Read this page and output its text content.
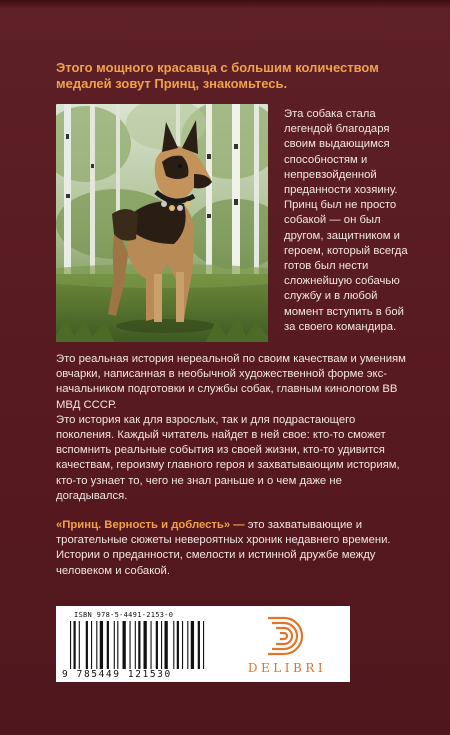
Этого мощного красавца с большим количеством медалей зовут Принц, знакомьтесь.
Эта собака стала легендой благодаря своим выдающимся способностям и непревзойденной преданности хозяину. Принц был не просто собакой — он был другом, защитником и героем, который всегда готов был нести сложнейшую собачью службу и в любой момент вступить в бой за своего командира.

Это реальная история нереальной по своим качествам и умениям овчарки, написанная в необычной художественной форме экс-начальником подготовки и службы собак, главным кинологом ВВ МВД СССР.

Это история как для взрослых, так и для подрастающего поколения. Каждый читатель найдет в ней свое: кто-то сможет вспомнить реальные события из своей жизни, кто-то удивится качествам, героизму главного героя и захватывающим историям, кто-то узнает то, чего не знал раньше и о чем даже не догадывался.

«Принц. Верность и доблесть» — это захватывающие и трогательные сюжеты невероятных хроник недавнего времени. Истории о преданности, смелости и истинной дружбе между человеком и собакой.
ISBN 978-5-4491-2153-0
9 785449 121530	DELIBRI
